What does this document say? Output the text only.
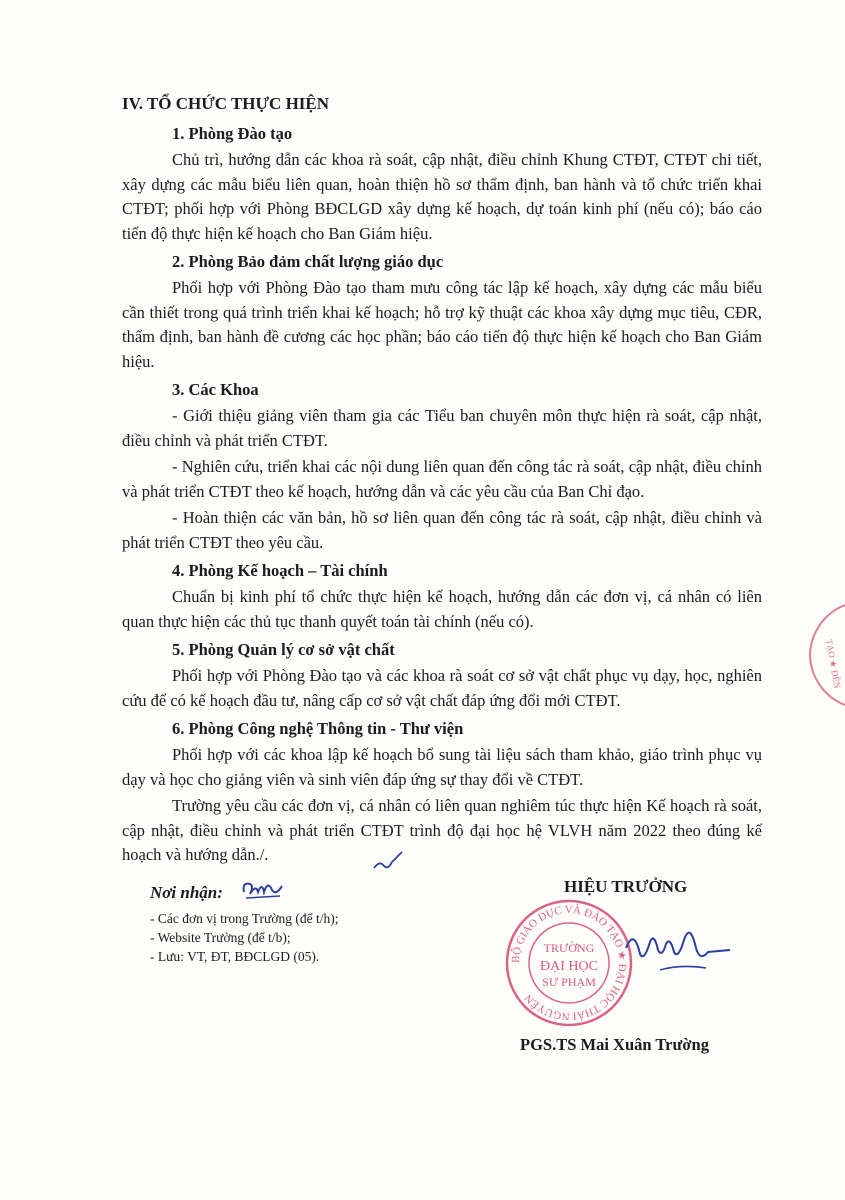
IV. TỔ CHỨC THỰC HIỆN
1. Phòng Đào tạo

Chủ trì, hướng dẫn các khoa rà soát, cập nhật, điều chỉnh Khung CTĐT, CTĐT chi tiết, xây dựng các mẫu biểu liên quan, hoàn thiện hồ sơ thẩm định, ban hành và tổ chức triển khai CTĐT; phối hợp với Phòng BĐCLGD xây dựng kế hoạch, dự toán kinh phí (nếu có); báo cáo tiến độ thực hiện kế hoạch cho Ban Giám hiệu.

2. Phòng Bảo đảm chất lượng giáo dục

Phối hợp với Phòng Đào tạo tham mưu công tác lập kế hoạch, xây dựng các mẫu biểu cần thiết trong quá trình triển khai kế hoạch; hỗ trợ kỹ thuật các khoa xây dựng mục tiêu, CĐR, thẩm định, ban hành đề cương các học phần; báo cáo tiến độ thực hiện kế hoạch cho Ban Giám hiệu.

3. Các Khoa

- Giới thiệu giảng viên tham gia các Tiểu ban chuyên môn thực hiện rà soát, cập nhật, điều chỉnh và phát triển CTĐT.

- Nghiên cứu, triển khai các nội dung liên quan đến công tác rà soát, cập nhật, điều chỉnh và phát triển CTĐT theo kế hoạch, hướng dẫn và các yêu cầu của Ban Chỉ đạo.

- Hoàn thiện các văn bản, hồ sơ liên quan đến công tác rà soát, cập nhật, điều chỉnh và phát triển CTĐT theo yêu cầu.

4. Phòng Kế hoạch – Tài chính

Chuẩn bị kinh phí tổ chức thực hiện kế hoạch, hướng dẫn các đơn vị, cá nhân có liên quan thực hiện các thủ tục thanh quyết toán tài chính (nếu có).

5. Phòng Quản lý cơ sở vật chất

Phối hợp với Phòng Đào tạo và các khoa rà soát cơ sở vật chất phục vụ dạy, học, nghiên cứu để có kế hoạch đầu tư, nâng cấp cơ sở vật chất đáp ứng đổi mới CTĐT.

6. Phòng Công nghệ Thông tin - Thư viện

Phối hợp với các khoa lập kế hoạch bổ sung tài liệu sách tham khảo, giáo trình phục vụ dạy và học cho giảng viên và sinh viên đáp ứng sự thay đổi về CTĐT.

Trường yêu cầu các đơn vị, cá nhân có liên quan nghiêm túc thực hiện Kế hoạch rà soát, cập nhật, điều chỉnh và phát triển CTĐT trình độ đại học hệ VLVH năm 2022 theo đúng kế hoạch và hướng dẫn./.

Nơi nhận:
- Các đơn vị trong Trường (để t/h);
- Website Trường (để t/b);
- Lưu: VT, ĐT, BĐCLGD (05).
HIỆU TRƯỞNG
PGS.TS Mai Xuân Trường
BỘ GIÁO DỤC VÀ ĐÀO TẠO ★ ĐẠI HỌC THÁI NGUYÊN
TRƯỜNG
ĐẠI HỌC
SƯ PHẠM
TẠO ★ ĐỀN
